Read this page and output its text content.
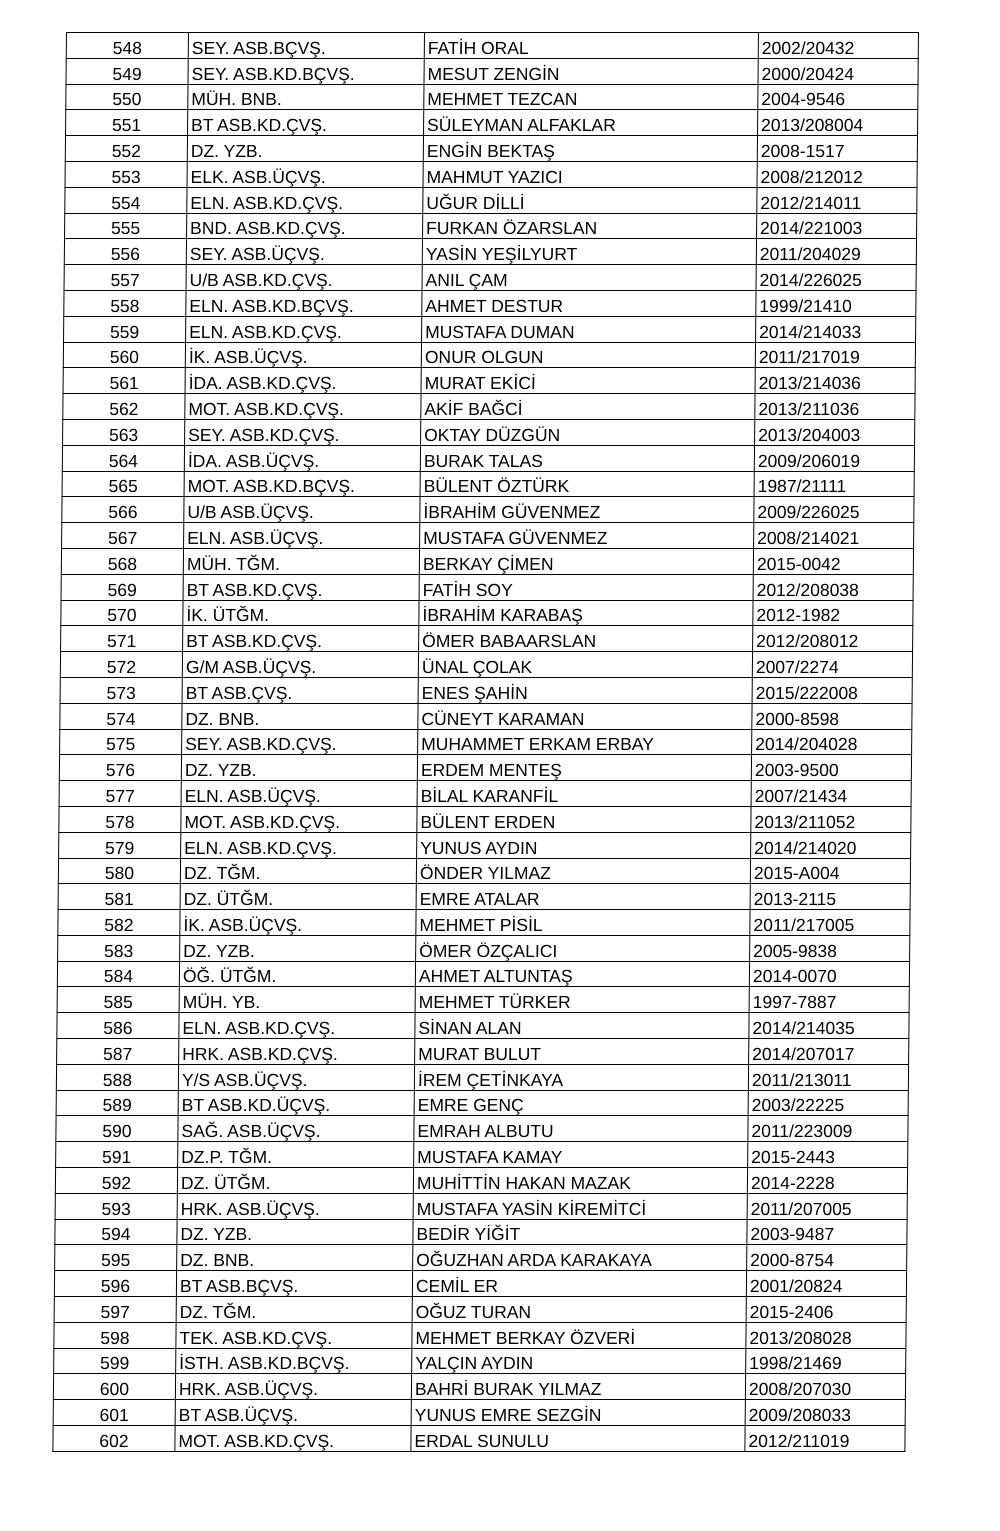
548	SEY. ASB.BÇVŞ.	FATİH ORAL	2002/20432
549	SEY. ASB.KD.BÇVŞ.	MESUT ZENGİN	2000/20424
550	MÜH. BNB.	MEHMET TEZCAN	2004-9546
551	BT ASB.KD.ÇVŞ.	SÜLEYMAN ALFAKLAR	2013/208004
552	DZ. YZB.	ENGİN BEKTAŞ	2008-1517
553	ELK. ASB.ÜÇVŞ.	MAHMUT YAZICI	2008/212012
554	ELN. ASB.KD.ÇVŞ.	UĞUR DİLLİ	2012/214011
555	BND. ASB.KD.ÇVŞ.	FURKAN ÖZARSLAN	2014/221003
556	SEY. ASB.ÜÇVŞ.	YASİN YEŞİLYURT	2011/204029
557	U/B ASB.KD.ÇVŞ.	ANIL ÇAM	2014/226025
558	ELN. ASB.KD.BÇVŞ.	AHMET DESTUR	1999/21410
559	ELN. ASB.KD.ÇVŞ.	MUSTAFA DUMAN	2014/214033
560	İK. ASB.ÜÇVŞ.	ONUR OLGUN	2011/217019
561	İDA. ASB.KD.ÇVŞ.	MURAT EKİCİ	2013/214036
562	MOT. ASB.KD.ÇVŞ.	AKİF BAĞCİ	2013/211036
563	SEY. ASB.KD.ÇVŞ.	OKTAY DÜZGÜN	2013/204003
564	İDA. ASB.ÜÇVŞ.	BURAK TALAS	2009/206019
565	MOT. ASB.KD.BÇVŞ.	BÜLENT ÖZTÜRK	1987/21111
566	U/B ASB.ÜÇVŞ.	İBRAHİM GÜVENMEZ	2009/226025
567	ELN. ASB.ÜÇVŞ.	MUSTAFA GÜVENMEZ	2008/214021
568	MÜH. TĞM.	BERKAY ÇİMEN	2015-0042
569	BT ASB.KD.ÇVŞ.	FATİH SOY	2012/208038
570	İK. ÜTĞM.	İBRAHİM KARABAŞ	2012-1982
571	BT ASB.KD.ÇVŞ.	ÖMER BABAARSLAN	2012/208012
572	G/M ASB.ÜÇVŞ.	ÜNAL ÇOLAK	2007/2274
573	BT ASB.ÇVŞ.	ENES ŞAHİN	2015/222008
574	DZ. BNB.	CÜNEYT KARAMAN	2000-8598
575	SEY. ASB.KD.ÇVŞ.	MUHAMMET ERKAM ERBAY	2014/204028
576	DZ. YZB.	ERDEM MENTEŞ	2003-9500
577	ELN. ASB.ÜÇVŞ.	BİLAL KARANFİL	2007/21434
578	MOT. ASB.KD.ÇVŞ.	BÜLENT ERDEN	2013/211052
579	ELN. ASB.KD.ÇVŞ.	YUNUS AYDIN	2014/214020
580	DZ. TĞM.	ÖNDER YILMAZ	2015-A004
581	DZ. ÜTĞM.	EMRE ATALAR	2013-2115
582	İK. ASB.ÜÇVŞ.	MEHMET PİSİL	2011/217005
583	DZ. YZB.	ÖMER ÖZÇALICI	2005-9838
584	ÖĞ. ÜTĞM.	AHMET ALTUNTAŞ	2014-0070
585	MÜH. YB.	MEHMET TÜRKER	1997-7887
586	ELN. ASB.KD.ÇVŞ.	SİNAN ALAN	2014/214035
587	HRK. ASB.KD.ÇVŞ.	MURAT BULUT	2014/207017
588	Y/S ASB.ÜÇVŞ.	İREM ÇETİNKAYA	2011/213011
589	BT ASB.KD.ÜÇVŞ.	EMRE GENÇ	2003/22225
590	SAĞ. ASB.ÜÇVŞ.	EMRAH ALBUTU	2011/223009
591	DZ.P. TĞM.	MUSTAFA KAMAY	2015-2443
592	DZ. ÜTĞM.	MUHİTTİN HAKAN MAZAK	2014-2228
593	HRK. ASB.ÜÇVŞ.	MUSTAFA YASİN KİREMİTCİ	2011/207005
594	DZ. YZB.	BEDİR YİĞİT	2003-9487
595	DZ. BNB.	OĞUZHAN ARDA KARAKAYA	2000-8754
596	BT ASB.BÇVŞ.	CEMİL ER	2001/20824
597	DZ. TĞM.	OĞUZ TURAN	2015-2406
598	TEK. ASB.KD.ÇVŞ.	MEHMET BERKAY ÖZVERİ	2013/208028
599	İSTH. ASB.KD.BÇVŞ.	YALÇIN AYDIN	1998/21469
600	HRK. ASB.ÜÇVŞ.	BAHRİ BURAK YILMAZ	2008/207030
601	BT ASB.ÜÇVŞ.	YUNUS EMRE SEZGİN	2009/208033
602	MOT. ASB.KD.ÇVŞ.	ERDAL SUNULU	2012/211019
